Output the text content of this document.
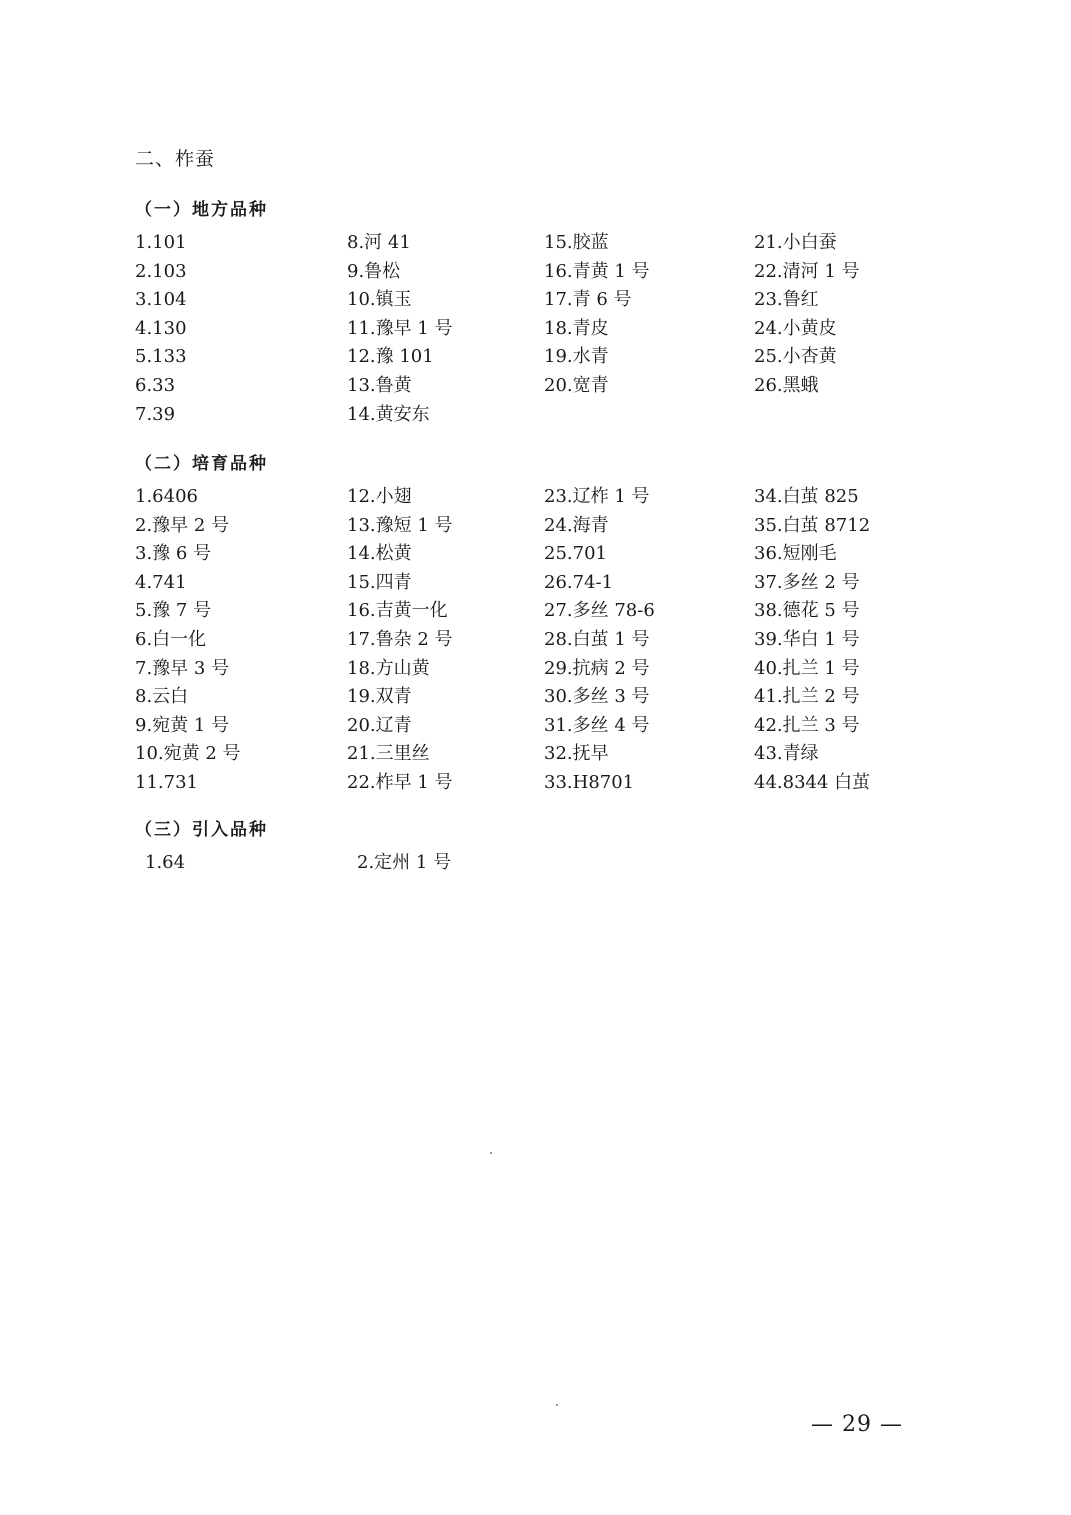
二、柞蚕
（一）地方品种
1.101
2.103
3.104
4.130
5.133
6.33
7.39
8.河 41
9.鲁松
10.镇玉
11.豫早 1 号
12.豫 101
13.鲁黄
14.黄安东
15.胶蓝
16.青黄 1 号
17.青 6 号
18.青皮
19.水青
20.宽青
21.小白蚕
22.清河 1 号
23.鲁红
24.小黄皮
25.小杏黄
26.黑蛾
（二）培育品种
1.6406
2.豫早 2 号
3.豫 6 号
4.741
5.豫 7 号
6.白一化
7.豫早 3 号
8.云白
9.宛黄 1 号
10.宛黄 2 号
11.731
12.小翅
13.豫短 1 号
14.松黄
15.四青
16.吉黄一化
17.鲁杂 2 号
18.方山黄
19.双青
20.辽青
21.三里丝
22.柞早 1 号
23.辽柞 1 号
24.海青
25.701
26.74-1
27.多丝 78-6
28.白茧 1 号
29.抗病 2 号
30.多丝 3 号
31.多丝 4 号
32.抚早
33.H8701
34.白茧 825
35.白茧 8712
36.短刚毛
37.多丝 2 号
38.德花 5 号
39.华白 1 号
40.扎兰 1 号
41.扎兰 2 号
42.扎兰 3 号
43.青绿
44.8344 白茧
（三）引入品种
1.64	2.定州 1 号
— 29 —
